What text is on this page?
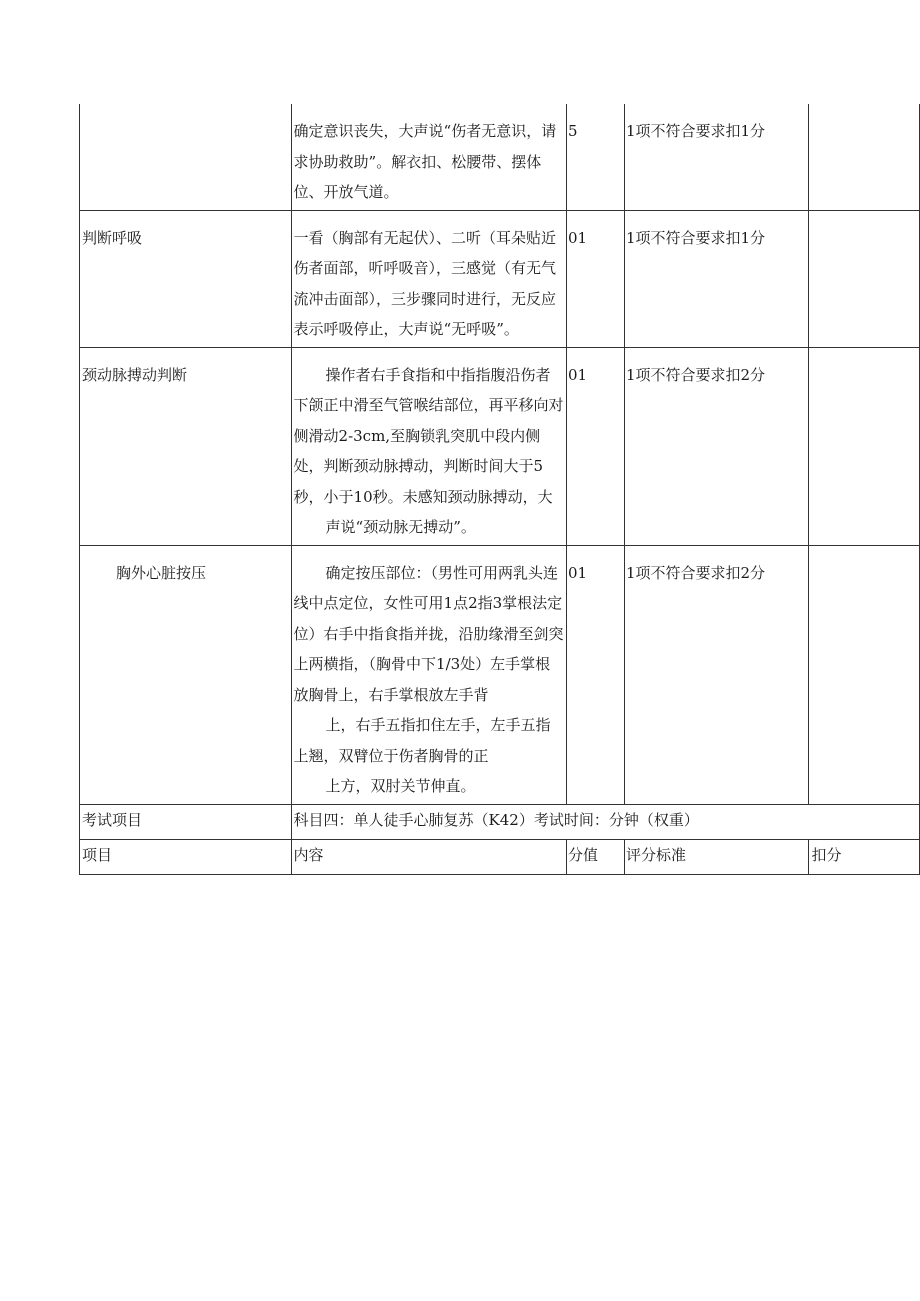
	确定意识丧失，大声说“伤者无意识，请求协助救助”。解衣扣、松腰带、摆体位、开放气道。	5	1项不符合要求扣1分	
判断呼吸	一看（胸部有无起伏）、二听（耳朵贴近伤者面部，听呼吸音），三感觉（有无气流冲击面部），三步骤同时进行，无反应表示呼吸停止，大声说“无呼吸”。	01	1项不符合要求扣1分	
颈动脉搏动判断	操作者右手食指和中指指腹沿伤者下颌正中滑至气管喉结部位，再平移向对侧滑动2-3cm,至胸锁乳突肌中段内侧处，判断颈动脉搏动，判断时间大于5秒，小于10秒。未感知颈动脉搏动，大

声说“颈动脉无搏动”。	01	1项不符合要求扣2分	
胸外心脏按压	确定按压部位：（男性可用两乳头连线中点定位，女性可用1点2指3掌根法定位）右手中指食指并拢，沿肋缘滑至剑突上两横指，（胸骨中下1/3处）左手掌根放胸骨上，右手掌根放左手背

上，右手五指扣住左手，左手五指上翘，双臂位于伤者胸骨的正

上方，双肘关节伸直。	01	1项不符合要求扣2分	
考试项目	科目四：单人徒手心肺复苏（K42）考试时间：分钟（权重）			
项目	内容	分值	评分标准	扣分
